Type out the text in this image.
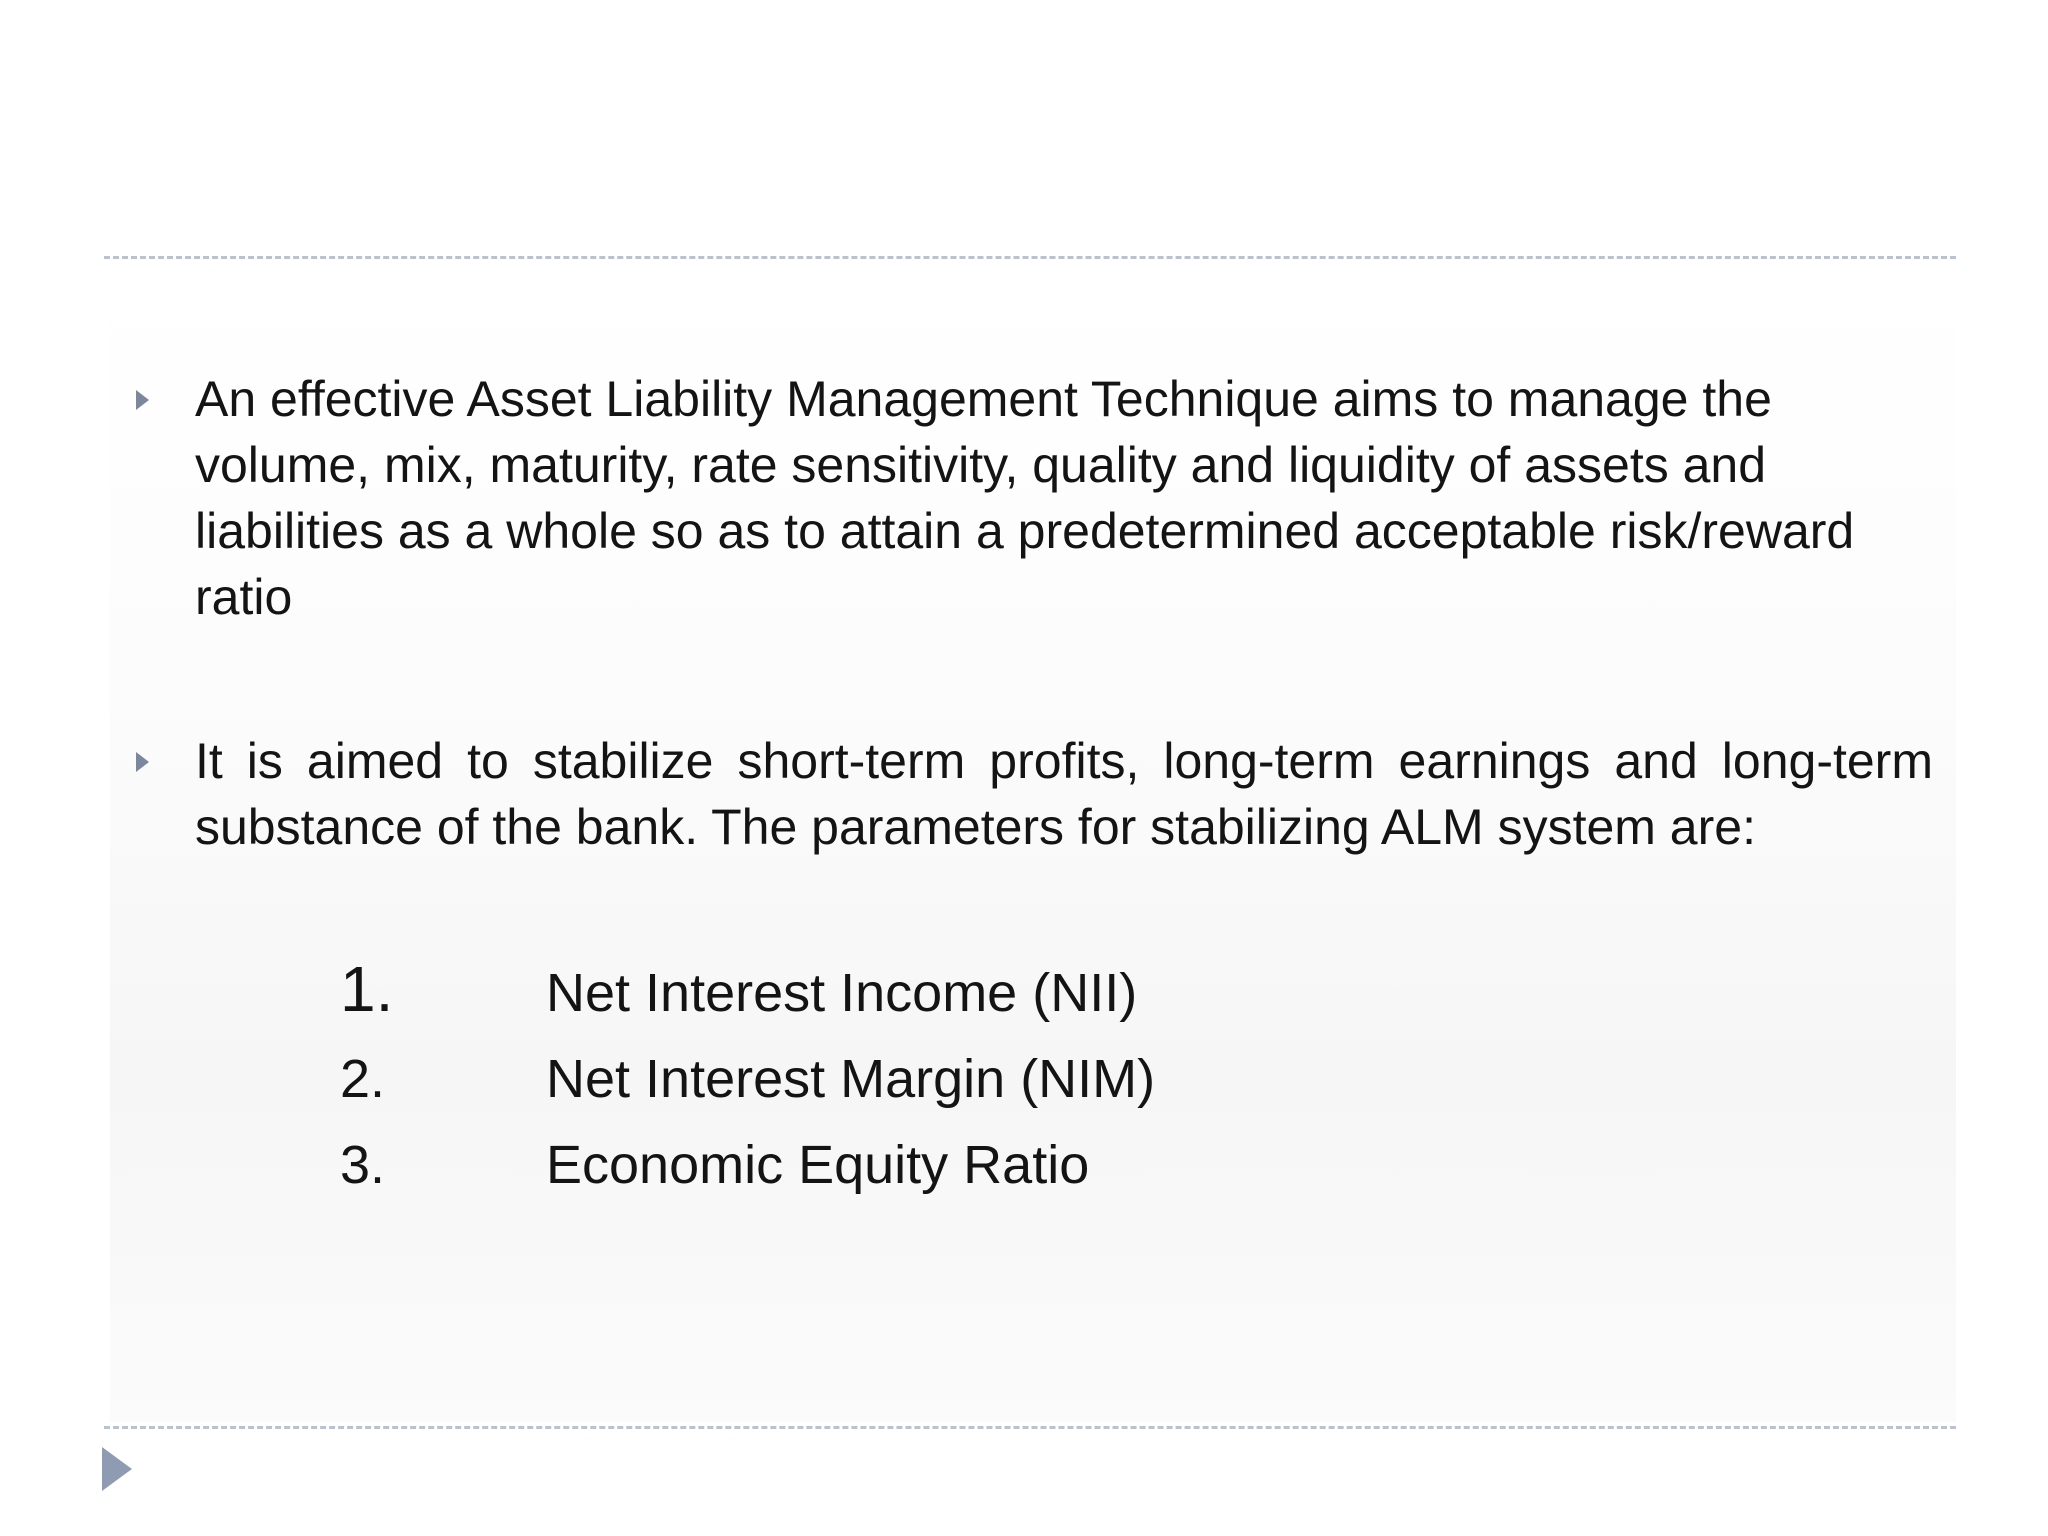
An effective Asset Liability Management Technique aims to manage the volume, mix, maturity, rate sensitivity, quality and liquidity of assets and liabilities as a whole so as to attain a predetermined acceptable risk/reward ratio

It is aimed to stabilize short-term profits, long-term earnings and long-term substance of the bank. The parameters for stabilizing ALM system are:

1.	Net Interest Income (NII)
2.	Net Interest Margin (NIM)
3.	Economic Equity Ratio
